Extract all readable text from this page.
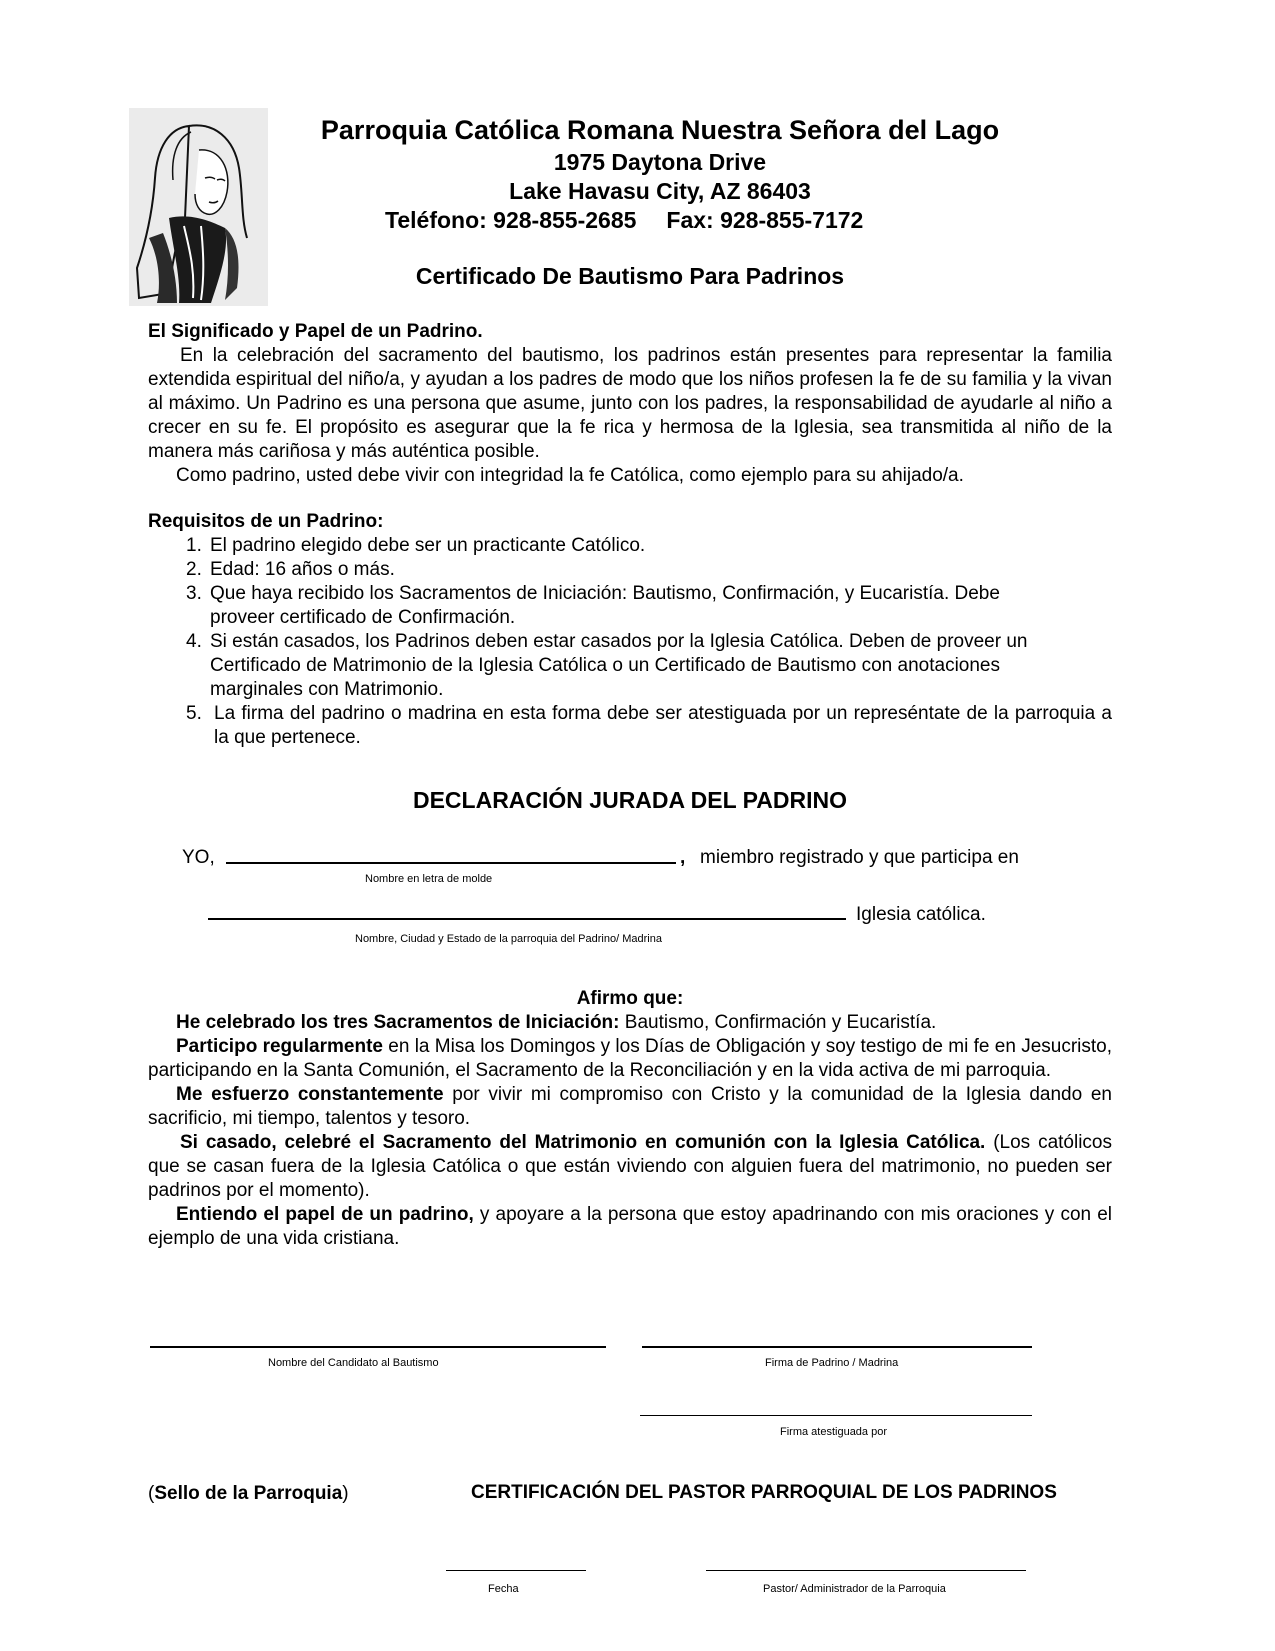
Parroquia Católica Romana Nuestra Señora del Lago
1975 Daytona Drive
Lake Havasu City, AZ 86403
Teléfono: 928-855-2685 Fax: 928-855-7172
Certificado De Bautismo Para Padrinos
El Significado y Papel de un Padrino.
En la celebración del sacramento del bautismo, los padrinos están presentes para representar la familia extendida espiritual del niño/a, y ayudan a los padres de modo que los niños profesen la fe de su familia y la vivan al máximo. Un Padrino es una persona que asume, junto con los padres, la responsabilidad de ayudarle al niño a crecer en su fe. El propósito es asegurar que la fe rica y hermosa de la Iglesia, sea transmitida al niño de la manera más cariñosa y más auténtica posible.
Como padrino, usted debe vivir con integridad la fe Católica, como ejemplo para su ahijado/a.
Requisitos de un Padrino:
1. El padrino elegido debe ser un practicante Católico.
2. Edad: 16 años o más.
3. Que haya recibido los Sacramentos de Iniciación: Bautismo, Confirmación, y Eucaristía. Debe proveer certificado de Confirmación.
4. Si están casados, los Padrinos deben estar casados por la Iglesia Católica. Deben de proveer un Certificado de Matrimonio de la Iglesia Católica o un Certificado de Bautismo con anotaciones marginales con Matrimonio.
5. La firma del padrino o madrina en esta forma debe ser atestiguada por un represéntate de la parroquia a la que pertenece.
DECLARACIÓN JURADA DEL PADRINO
YO,	, miembro registrado y que participa en
Nombre en letra de molde
Iglesia católica.
Nombre, Ciudad y Estado de la parroquia del Padrino/ Madrina
Afirmo que:
He celebrado los tres Sacramentos de Iniciación: Bautismo, Confirmación y Eucaristía.
Participo regularmente en la Misa los Domingos y los Días de Obligación y soy testigo de mi fe en Jesucristo, participando en la Santa Comunión, el Sacramento de la Reconciliación y en la vida activa de mi parroquia.
Me esfuerzo constantemente por vivir mi compromiso con Cristo y la comunidad de la Iglesia dando en sacrificio, mi tiempo, talentos y tesoro.
Si casado, celebré el Sacramento del Matrimonio en comunión con la Iglesia Católica. (Los católicos que se casan fuera de la Iglesia Católica o que están viviendo con alguien fuera del matrimonio, no pueden ser padrinos por el momento).
Entiendo el papel de un padrino, y apoyare a la persona que estoy apadrinando con mis oraciones y con el ejemplo de una vida cristiana.
Nombre del Candidato al Bautismo	Firma de Padrino / Madrina
Firma atestiguada por
(Sello de la Parroquia)	CERTIFICACIÓN DEL PASTOR PARROQUIAL DE LOS PADRINOS
Fecha	Pastor/ Administrador de la Parroquia
